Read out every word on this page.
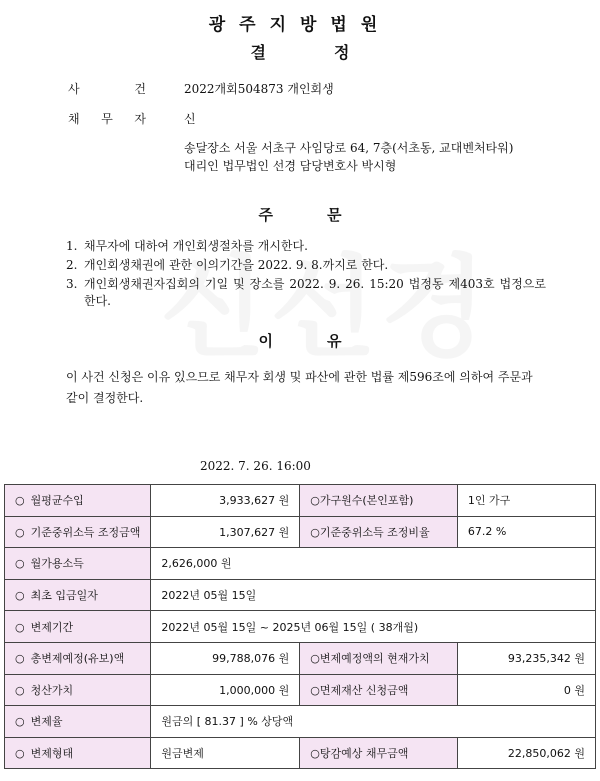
광주지방법원
결	정
사	건	2022개회504873 개인회생
채 무 자	신
송달장소 서울 서초구 사임당로 64, 7층(서초동, 교대벤처타워)
대리인 법무법인 선경 담당변호사 박시형
주	문
1. 채무자에 대하여 개인회생절차를 개시한다.
2. 개인회생채권에 관한 이의기간을 2022. 9. 8.까지로 한다.
3. 개인회생채권자집회의 기일 및 장소를 2022. 9. 26. 15:20 법정동 제403호 법정으로 한다.
이	유
이 사건 신청은 이유 있으므로 채무자 회생 및 파산에 관한 법률 제596조에 의하여 주문과 같이 결정한다.
2022. 7. 26. 16:00
○ 월평균수입	3,933,627 원	○가구원수(본인포함)	1인 가구
○ 기준중위소득 조정금액	1,307,627 원	○기준중위소득 조정비율	67.2 %
○ 월가용소득	2,626,000 원		
○ 최초 입금일자	2022년 05월 15일		
○ 변제기간	2022년 05월 15일 ~ 2025년 06월 15일 ( 38개월)		
○ 총변제예정(유보)액	99,788,076 원	○변제예정액의 현재가치	93,235,342 원
○ 청산가치	1,000,000 원	○면제재산 신청금액	0 원
○ 변제율	원금의 [ 81.37 ] % 상당액		
○ 변제형태	원금변제	○탕감예상 채무금액	22,850,062 원
